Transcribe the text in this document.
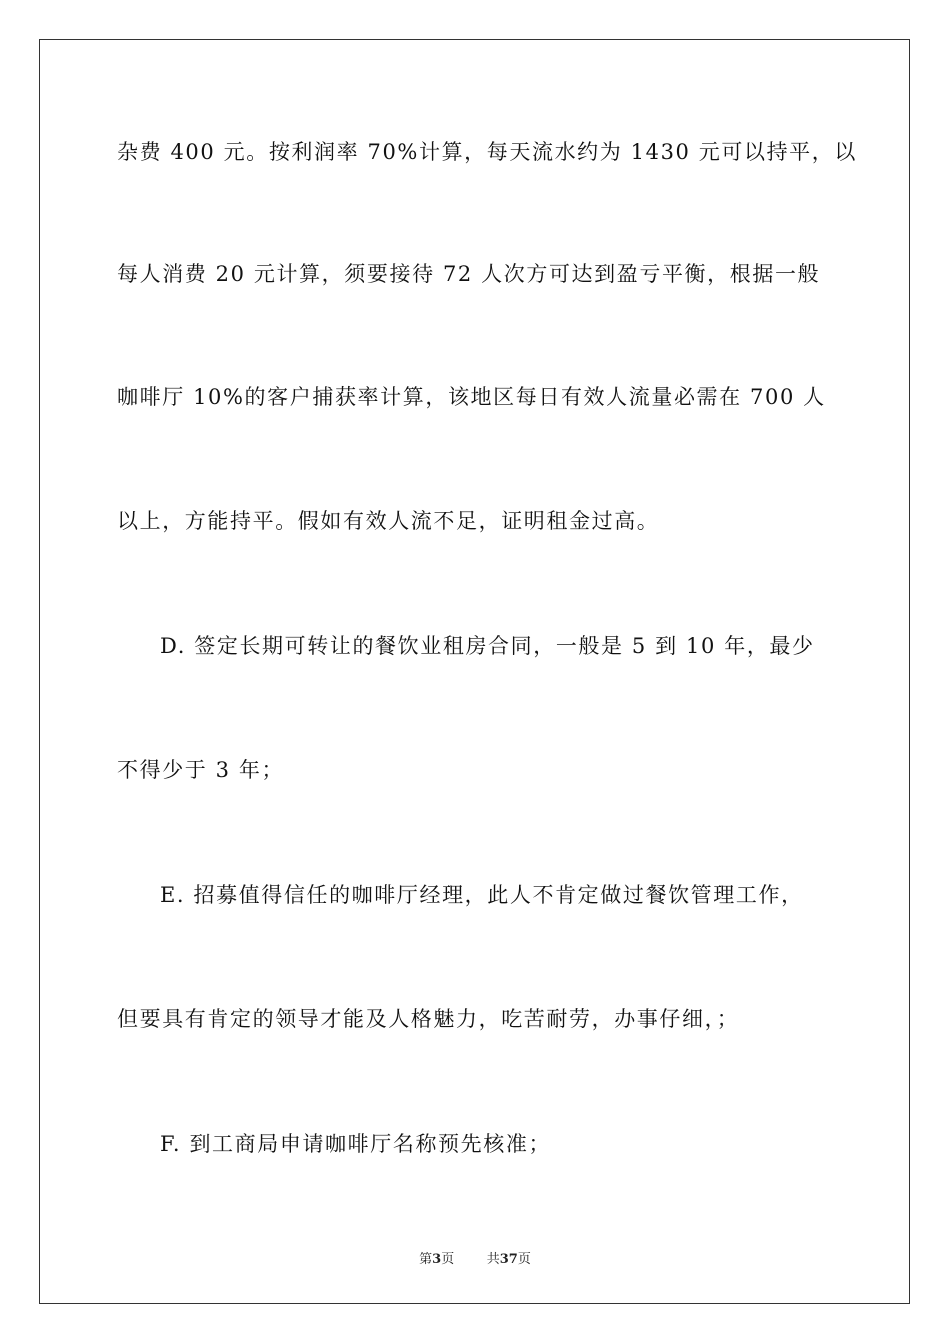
杂费 400 元。按利润率 70%计算，每天流水约为 1430 元可以持平，以
每人消费 20 元计算，须要接待 72 人次方可达到盈亏平衡，根据一般
咖啡厅 10%的客户捕获率计算，该地区每日有效人流量必需在 700 人
以上，方能持平。假如有效人流不足，证明租金过高。
D. 签定长期可转让的餐饮业租房合同，一般是 5 到 10 年，最少
不得少于 3 年；
E. 招募值得信任的咖啡厅经理，此人不肯定做过餐饮管理工作，
但要具有肯定的领导才能及人格魅力，吃苦耐劳，办事仔细，；
F. 到工商局申请咖啡厅名称预先核准；
第3页	共37页
